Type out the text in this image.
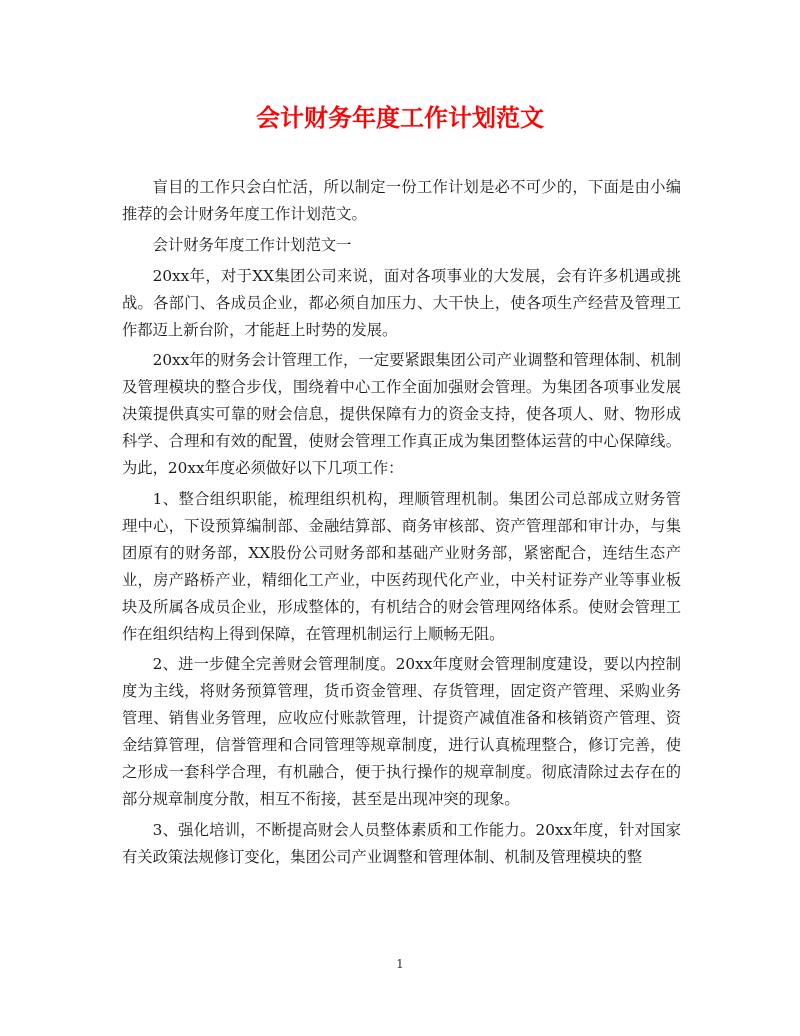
会计财务年度工作计划范文

盲目的工作只会白忙活，所以制定一份工作计划是必不可少的，下面是由小编推荐的会计财务年度工作计划范文。

会计财务年度工作计划范文一

20xx年，对于XX集团公司来说，面对各项事业的大发展，会有许多机遇或挑战。各部门、各成员企业，都必须自加压力、大干快上，使各项生产经营及管理工作都迈上新台阶，才能赶上时势的发展。

20xx年的财务会计管理工作，一定要紧跟集团公司产业调整和管理体制、机制及管理模块的整合步伐，围绕着中心工作全面加强财会管理。为集团各项事业发展决策提供真实可靠的财会信息，提供保障有力的资金支持，使各项人、财、物形成科学、合理和有效的配置，使财会管理工作真正成为集团整体运营的中心保障线。为此，20xx年度必须做好以下几项工作：

1、整合组织职能，梳理组织机构，理顺管理机制。集团公司总部成立财务管理中心，下设预算编制部、金融结算部、商务审核部、资产管理部和审计办，与集团原有的财务部，XX股份公司财务部和基础产业财务部，紧密配合，连结生态产业，房产路桥产业，精细化工产业，中医药现代化产业，中关村证券产业等事业板块及所属各成员企业，形成整体的，有机结合的财会管理网络体系。使财会管理工作在组织结构上得到保障，在管理机制运行上顺畅无阻。

2、进一步健全完善财会管理制度。20xx年度财会管理制度建设，要以内控制度为主线，将财务预算管理，货币资金管理、存货管理，固定资产管理、采购业务管理、销售业务管理，应收应付账款管理，计提资产减值准备和核销资产管理、资金结算管理，信誉管理和合同管理等规章制度，进行认真梳理整合，修订完善，使之形成一套科学合理，有机融合，便于执行操作的规章制度。彻底清除过去存在的部分规章制度分散，相互不衔接，甚至是出现冲突的现象。

3、强化培训，不断提高财会人员整体素质和工作能力。20xx年度，针对国家有关政策法规修订变化，集团公司产业调整和管理体制、机制及管理模块的整

1
